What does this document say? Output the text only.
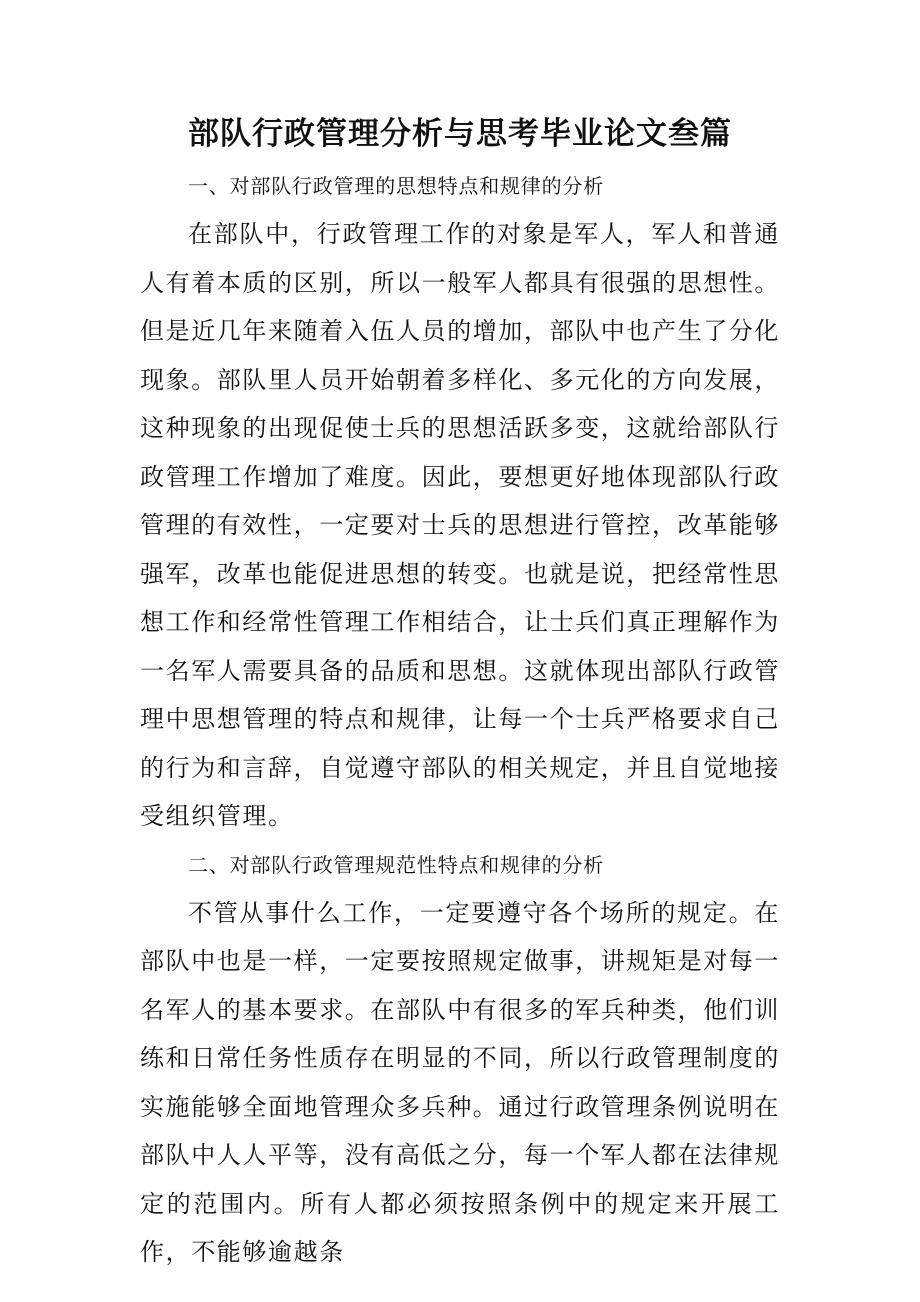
部队行政管理分析与思考毕业论文叁篇

一、对部队行政管理的思想特点和规律的分析

在部队中，行政管理工作的对象是军人，军人和普通人有着本质的区别，所以一般军人都具有很强的思想性。但是近几年来随着入伍人员的增加，部队中也产生了分化现象。部队里人员开始朝着多样化、多元化的方向发展，这种现象的出现促使士兵的思想活跃多变，这就给部队行政管理工作增加了难度。因此，要想更好地体现部队行政管理的有效性，一定要对士兵的思想进行管控，改革能够强军，改革也能促进思想的转变。也就是说，把经常性思想工作和经常性管理工作相结合，让士兵们真正理解作为一名军人需要具备的品质和思想。这就体现出部队行政管理中思想管理的特点和规律，让每一个士兵严格要求自己的行为和言辞，自觉遵守部队的相关规定，并且自觉地接受组织管理。

二、对部队行政管理规范性特点和规律的分析

不管从事什么工作，一定要遵守各个场所的规定。在部队中也是一样，一定要按照规定做事，讲规矩是对每一名军人的基本要求。在部队中有很多的军兵种类，他们训练和日常任务性质存在明显的不同，所以行政管理制度的实施能够全面地管理众多兵种。通过行政管理条例说明在部队中人人平等，没有高低之分，每一个军人都在法律规定的范围内。所有人都必须按照条例中的规定来开展工作，不能够逾越条
